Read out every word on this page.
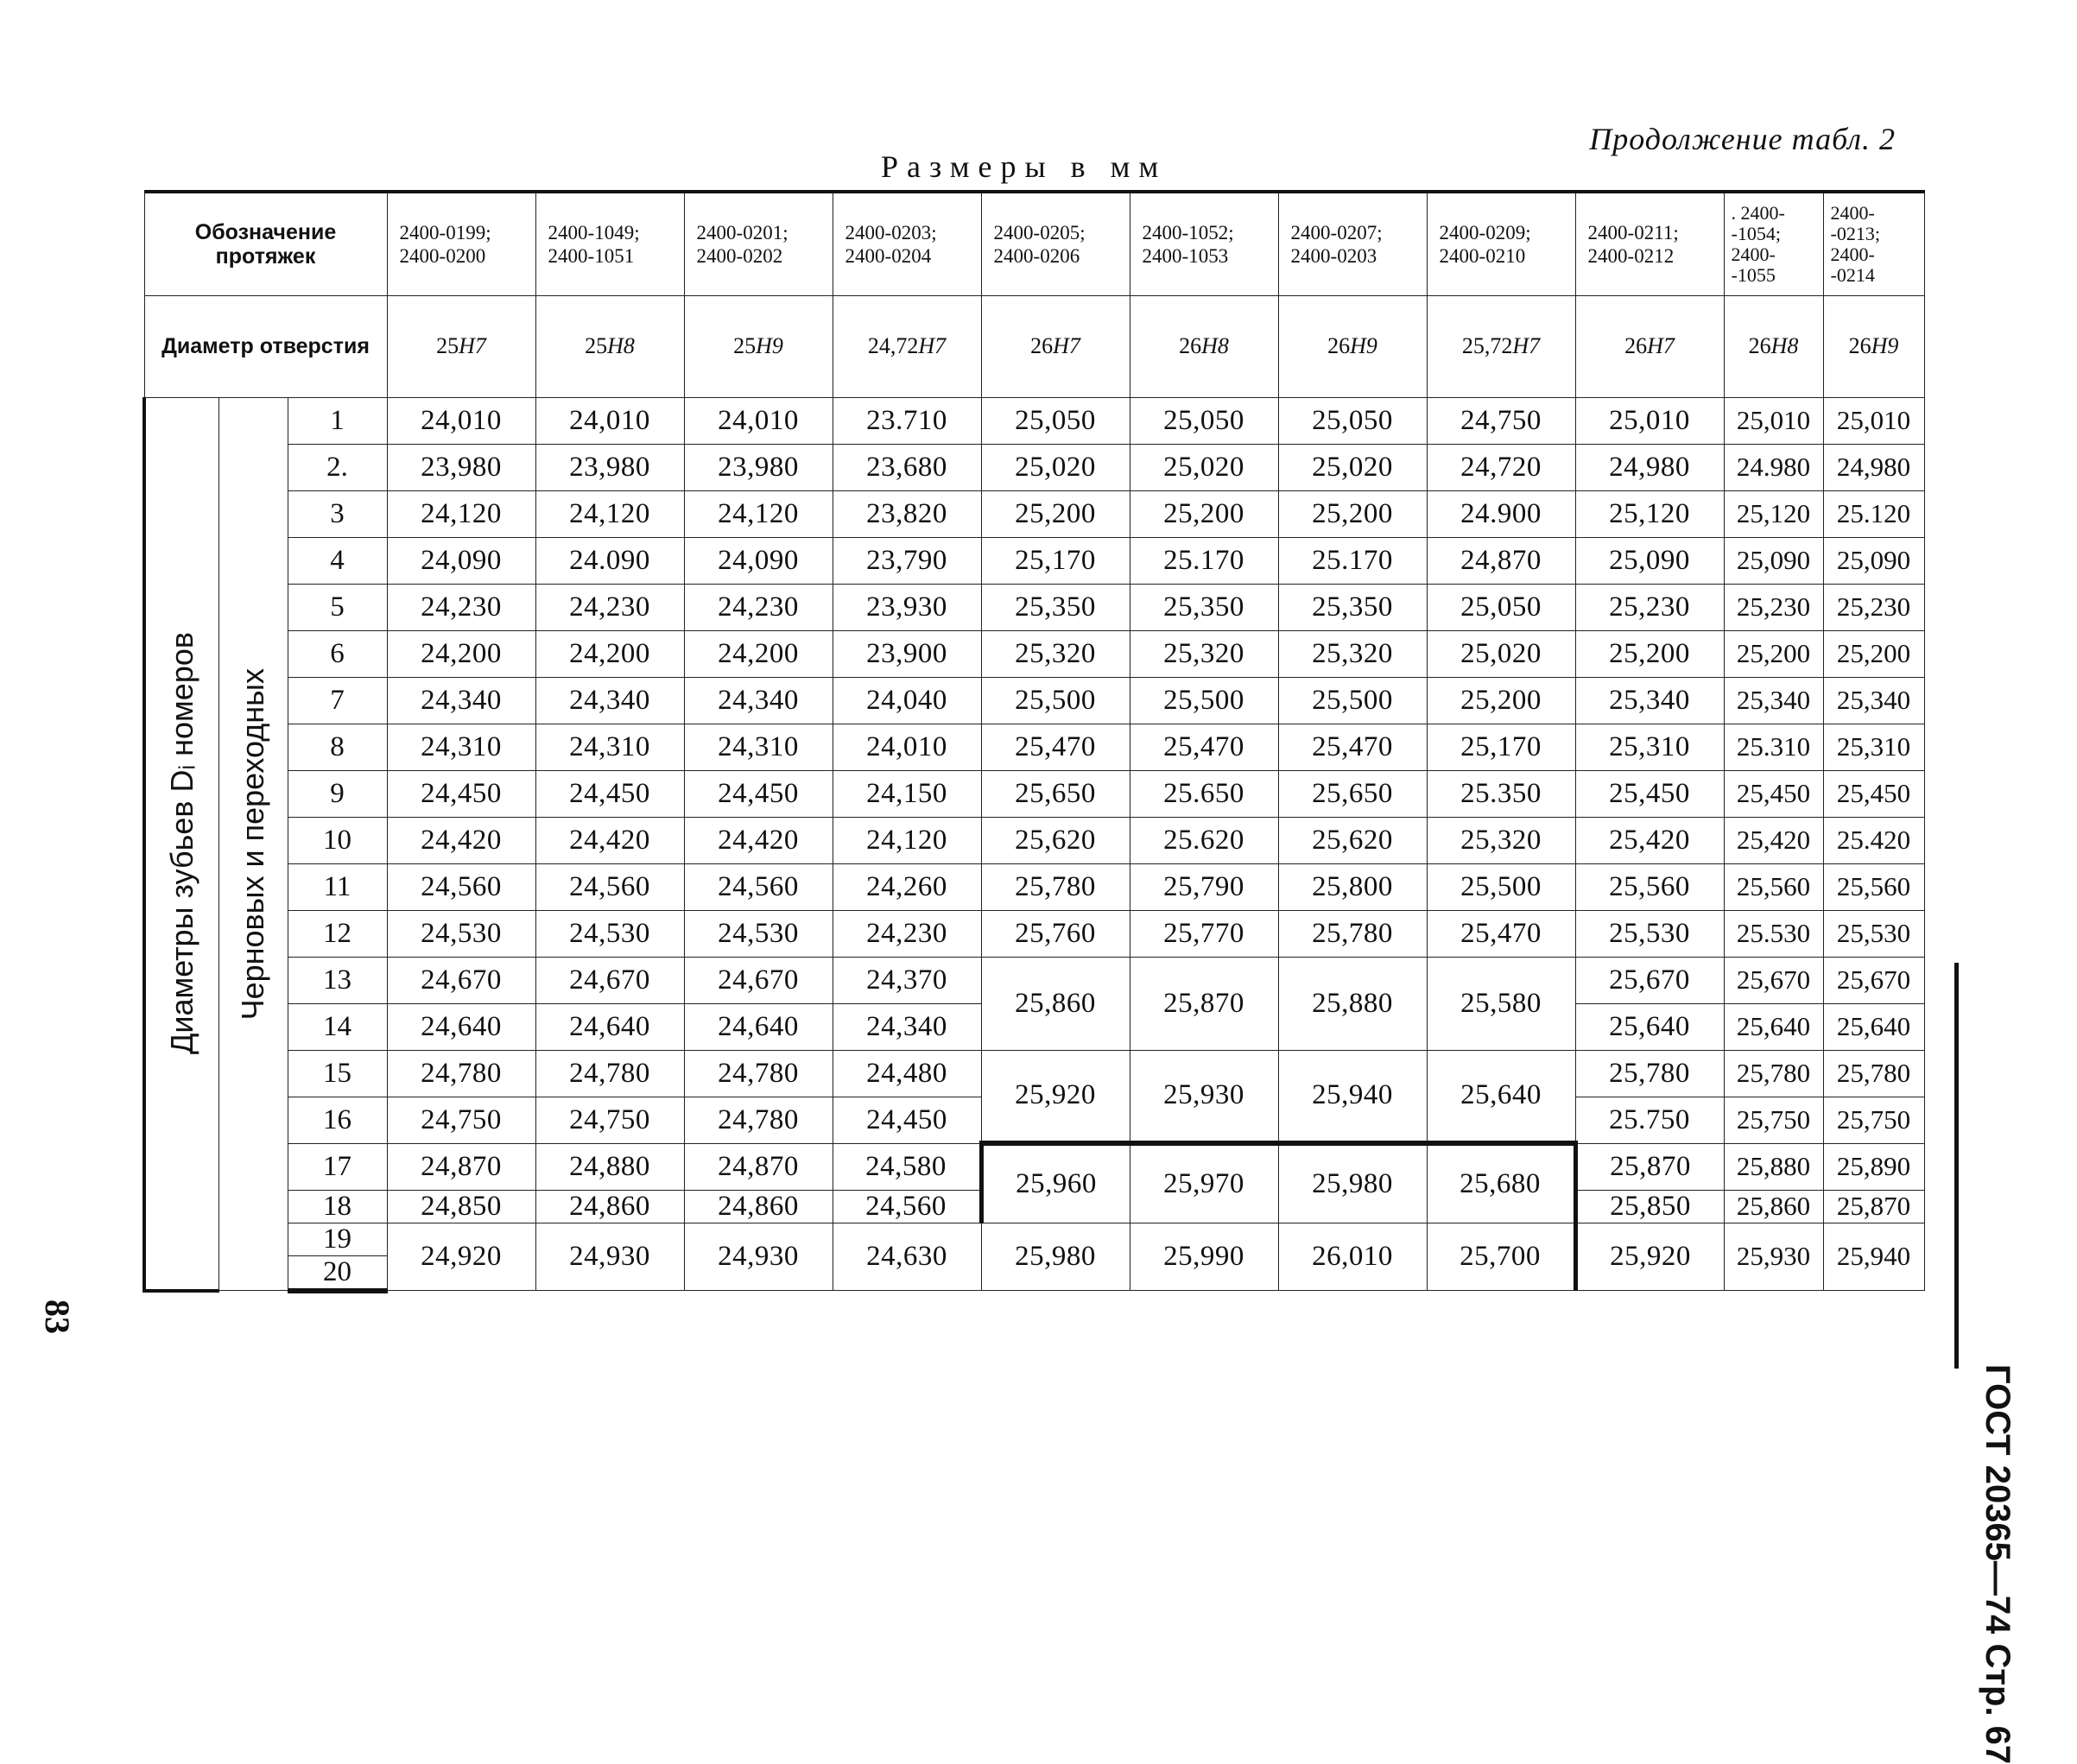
Продолжение табл. 2
Размеры в мм
83
ГОСТ 20365—74 Стр. 67
Обозначение протяжек			2400-0199; 2400-0200	2400-1049; 2400-1051	2400-0201; 2400-0202	2400-0203; 2400-0204	2400-0205; 2400-0206	2400-1052; 2400-1053	2400-0207; 2400-0203	2400-0209; 2400-0210	2400-0211; 2400-0212	. 2400- -1054; 2400- -1055	2400- -0213; 2400- -0214
Диаметр отверстия			25H7	25H8	25H9	24,72H7	26H7	26H8	26H9	25,72H7	26H7	26H8	26H9

Диаметры зубьев Dᵢ номеров	Черновых и переходных	1	24,010	24,010	24,010	23.710	25,050	25,050	25,050	24,750	25,010	25,010	25,010
		2.	23,980	23,980	23,980	23,680	25,020	25,020	25,020	24,720	24,980	24.980	24,980
		3	24,120	24,120	24,120	23,820	25,200	25,200	25,200	24.900	25,120	25,120	25.120
		4	24,090	24.090	24,090	23,790	25,170	25.170	25.170	24,870	25,090	25,090	25,090
		5	24,230	24,230	24,230	23,930	25,350	25,350	25,350	25,050	25,230	25,230	25,230
		6	24,200	24,200	24,200	23,900	25,320	25,320	25,320	25,020	25,200	25,200	25,200
		7	24,340	24,340	24,340	24,040	25,500	25,500	25,500	25,200	25,340	25,340	25,340
		8	24,310	24,310	24,310	24,010	25,470	25,470	25,470	25,170	25,310	25.310	25,310
		9	24,450	24,450	24,450	24,150	25,650	25.650	25,650	25.350	25,450	25,450	25,450
		10	24,420	24,420	24,420	24,120	25,620	25.620	25,620	25,320	25,420	25,420	25.420
		11	24,560	24,560	24,560	24,260	25,780	25,790	25,800	25,500	25,560	25,560	25,560
		12	24,530	24,530	24,530	24,230	25,760	25,770	25,780	25,470	25,530	25.530	25,530
		13	24,670	24,670	24,670	24,370	25,860	25,870	25,880	25,580	25,670	25,670	25,670
		14	24,640	24,640	24,640	24,340					25,640	25,640	25,640
		15	24,780	24,780	24,780	24,480	25,920	25,930	25,940	25,640	25,780	25,780	25,780
		16	24,750	24,750	24,780	24,450					25.750	25,750	25,750
		17	24,870	24,880	24,870	24,580	25,960	25,970	25,980	25,680	25,870	25,880	25,890
		18	24,850	24,860	24,860	24,560					25,850	25,860	25,870
		19	24,920	24,930	24,930	24,630	25,980	25,990	26,010	25,700	25,920	25,930	25,940
		20											
